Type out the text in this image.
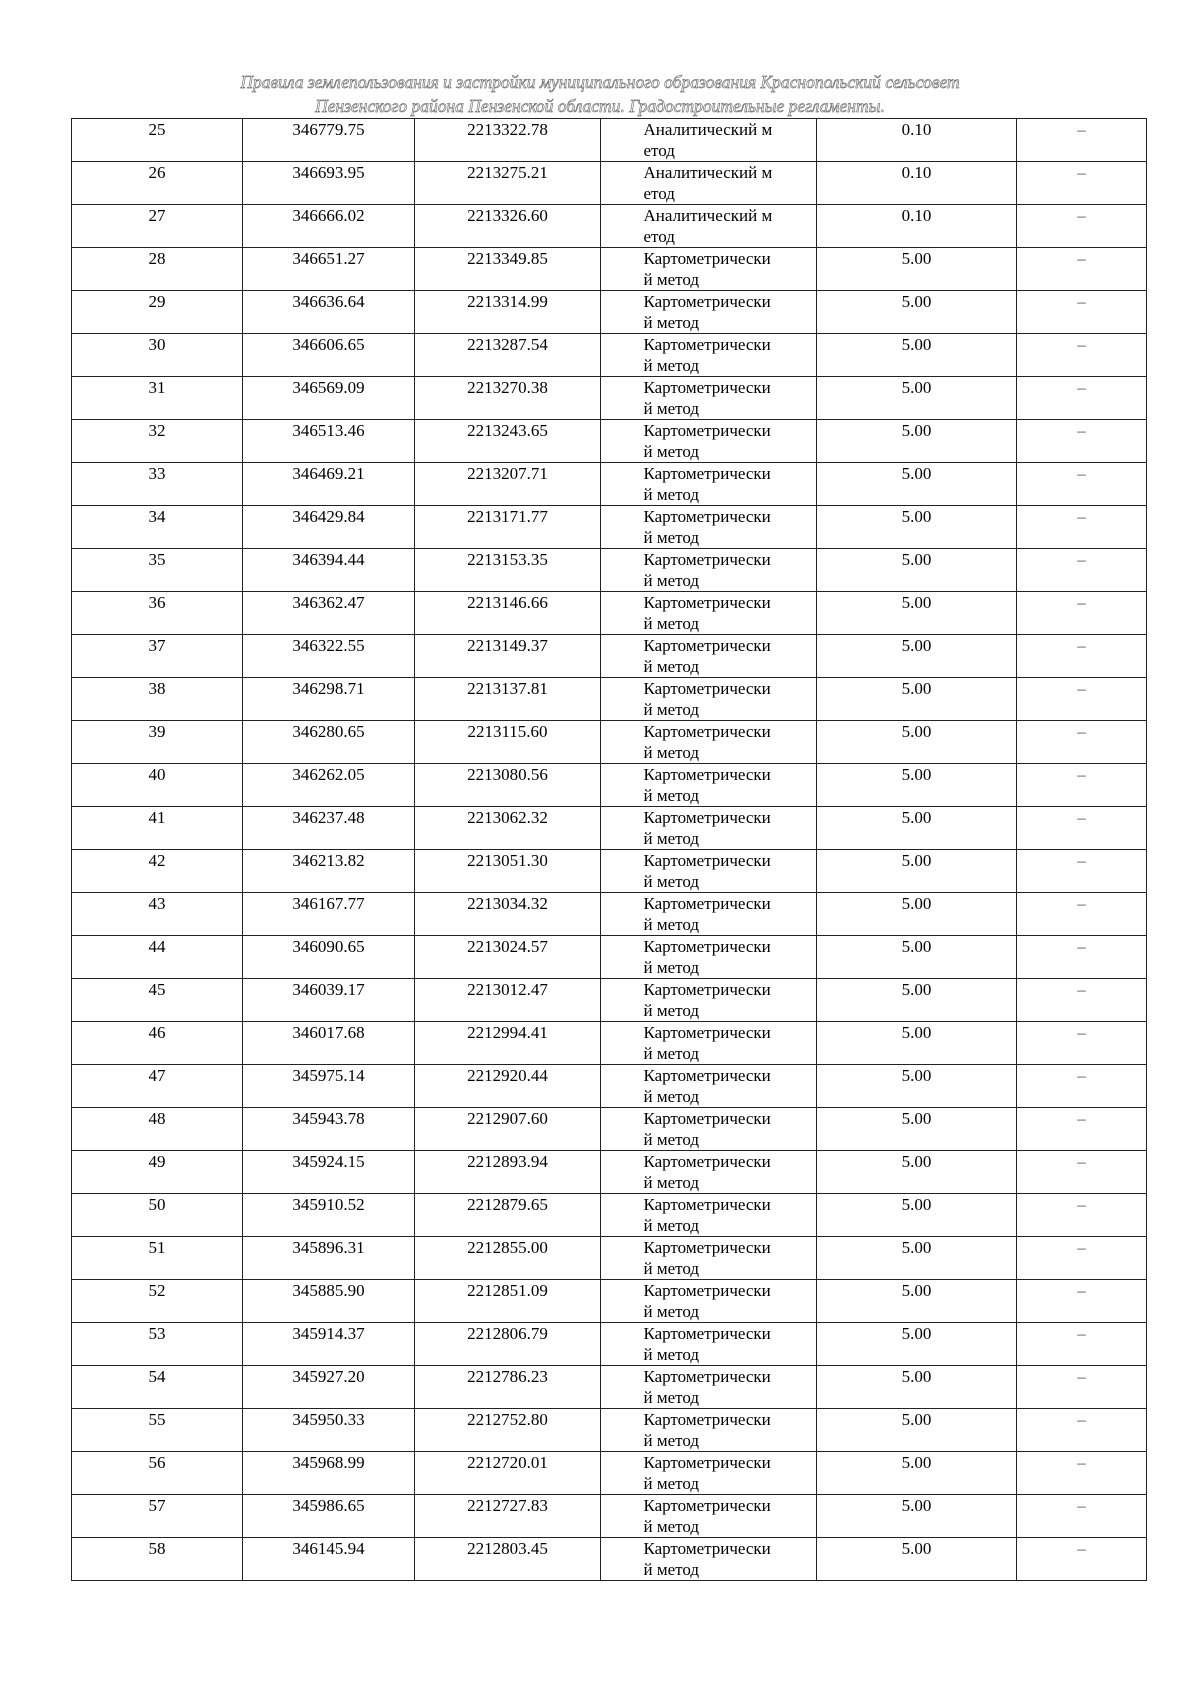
Правила землепользования и застройки муниципального образования Краснопольский сельсовет
Пензенского района Пензенской области. Градостроительные регламенты.
25	346779.75	2213322.78	Аналитический метод	0.10	–
26	346693.95	2213275.21	Аналитический метод	0.10	–
27	346666.02	2213326.60	Аналитический метод	0.10	–
28	346651.27	2213349.85	Картометрический метод	5.00	–
29	346636.64	2213314.99	Картометрический метод	5.00	–
30	346606.65	2213287.54	Картометрический метод	5.00	–
31	346569.09	2213270.38	Картометрический метод	5.00	–
32	346513.46	2213243.65	Картометрический метод	5.00	–
33	346469.21	2213207.71	Картометрический метод	5.00	–
34	346429.84	2213171.77	Картометрический метод	5.00	–
35	346394.44	2213153.35	Картометрический метод	5.00	–
36	346362.47	2213146.66	Картометрический метод	5.00	–
37	346322.55	2213149.37	Картометрический метод	5.00	–
38	346298.71	2213137.81	Картометрический метод	5.00	–
39	346280.65	2213115.60	Картометрический метод	5.00	–
40	346262.05	2213080.56	Картометрический метод	5.00	–
41	346237.48	2213062.32	Картометрический метод	5.00	–
42	346213.82	2213051.30	Картометрический метод	5.00	–
43	346167.77	2213034.32	Картометрический метод	5.00	–
44	346090.65	2213024.57	Картометрический метод	5.00	–
45	346039.17	2213012.47	Картометрический метод	5.00	–
46	346017.68	2212994.41	Картометрический метод	5.00	–
47	345975.14	2212920.44	Картометрический метод	5.00	–
48	345943.78	2212907.60	Картометрический метод	5.00	–
49	345924.15	2212893.94	Картометрический метод	5.00	–
50	345910.52	2212879.65	Картометрический метод	5.00	–
51	345896.31	2212855.00	Картометрический метод	5.00	–
52	345885.90	2212851.09	Картометрический метод	5.00	–
53	345914.37	2212806.79	Картометрический метод	5.00	–
54	345927.20	2212786.23	Картометрический метод	5.00	–
55	345950.33	2212752.80	Картометрический метод	5.00	–
56	345968.99	2212720.01	Картометрический метод	5.00	–
57	345986.65	2212727.83	Картометрический метод	5.00	–
58	346145.94	2212803.45	Картометрический метод	5.00	–
